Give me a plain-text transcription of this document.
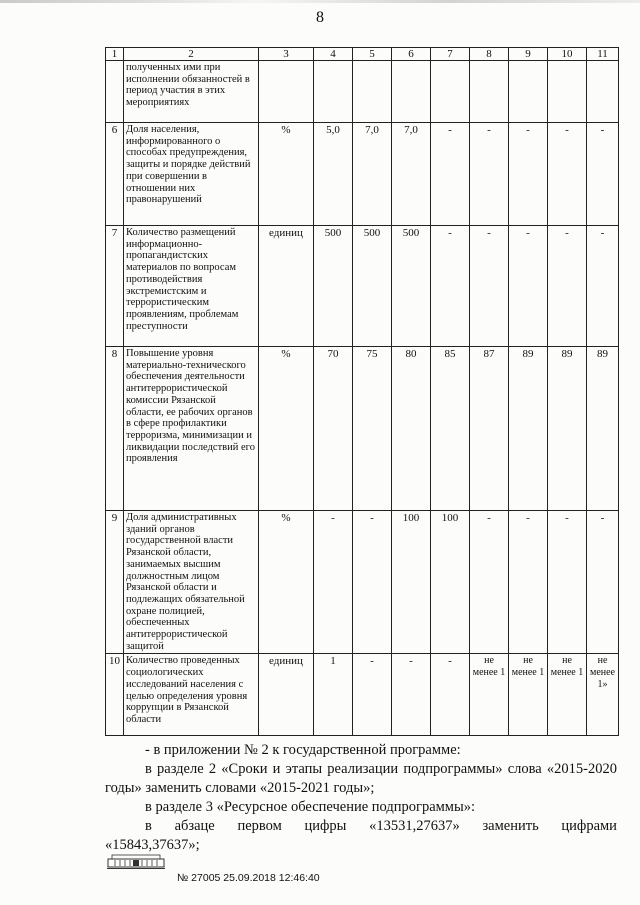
8
1	2	3	4	5	6	7	8	9	10	11
	полученных ими при исполнении обязанностей в период участия в этих мероприятиях									
6	Доля населения, информированного о способах предупреждения, защиты и порядке действий при совершении в отношении них правонарушений	%	5,0	7,0	7,0	-	-	-	-	-
7	Количество размещений информационно-пропагандистских материалов по вопросам противодействия экстремистским и террористическим проявлениям, проблемам преступности	единиц	500	500	500	-	-	-	-	-
8	Повышение уровня материально-технического обеспечения деятельности антитеррористической комиссии Рязанской области, ее рабочих органов в сфере профилактики терроризма, минимизации и ликвидации последствий его проявления	%	70	75	80	85	87	89	89	89
9	Доля административных зданий органов государственной власти Рязанской области, занимаемых высшим должностным лицом Рязанской области и подлежащих обязательной охране полицией, обеспеченных антитеррористической защитой	%	-	-	100	100	-	-	-	-
10	Количество проведенных социологических исследований населения с целью определения уровня коррупции в Рязанской области	единиц	1	-	-	-	не менее 1	не менее 1	не менее 1	не менее 1»
- в приложении № 2 к государственной программе:
в разделе 2 «Сроки и этапы реализации подпрограммы» слова «2015-2020 годы» заменить словами «2015-2021 годы»;
в разделе 3 «Ресурсное обеспечение подпрограммы»:
в абзаце первом цифры «13531,27637» заменить цифрами
«15843,37637»;
№ 27005 25.09.2018 12:46:40
